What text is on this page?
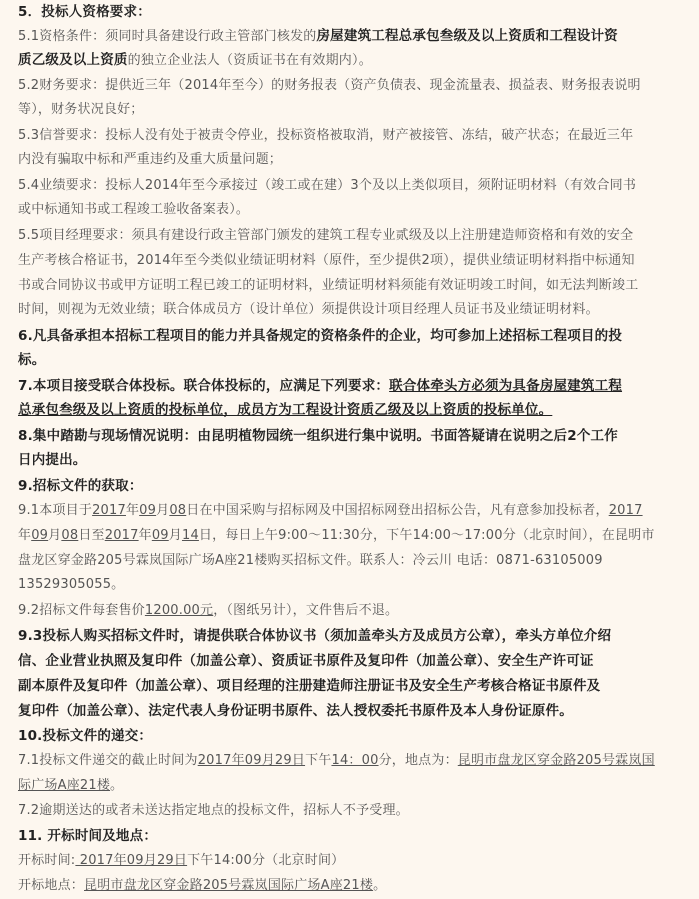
5．投标人资格要求：
5.1资格条件：须同时具备建设行政主管部门核发的房屋建筑工程总承包叁级及以上资质和工程设计资
质乙级及以上资质的独立企业法人（资质证书在有效期内）。
5.2财务要求：提供近三年（2014年至今）的财务报表（资产负债表、现金流量表、损益表、财务报表说明
等），财务状况良好；
5.3信誉要求：投标人没有处于被责令停业，投标资格被取消，财产被接管、冻结，破产状态；在最近三年
内没有骗取中标和严重违约及重大质量问题；
5.4业绩要求：投标人2014年至今承接过（竣工或在建）3个及以上类似项目，须附证明材料（有效合同书
或中标通知书或工程竣工验收备案表）。
5.5项目经理要求：须具有建设行政主管部门颁发的建筑工程专业贰级及以上注册建造师资格和有效的安全
生产考核合格证书，2014年至今类似业绩证明材料（原件，至少提供2项），提供业绩证明材料指中标通知
书或合同协议书或甲方证明工程已竣工的证明材料，业绩证明材料须能有效证明竣工时间，如无法判断竣工
时间，则视为无效业绩；联合体成员方（设计单位）须提供设计项目经理人员证书及业绩证明材料。
6.凡具备承担本招标工程项目的能力并具备规定的资格条件的企业，均可参加上述招标工程项目的投
标。
7.本项目接受联合体投标。联合体投标的，应满足下列要求：联合体牵头方必须为具备房屋建筑工程
总承包叁级及以上资质的投标单位，成员方为工程设计资质乙级及以上资质的投标单位。
8.集中踏勘与现场情况说明：由昆明植物园统一组织进行集中说明。书面答疑请在说明之后2个工作
日内提出。
9.招标文件的获取：
9.1本项目于2017年09月08日在中国采购与招标网及中国招标网登出招标公告，凡有意参加投标者，2017
年09月08日至2017年09月14日，每日上午9:00～11:30分，下午14:00～17:00分（北京时间），在昆明市
盘龙区穿金路205号霖岚国际广场A座21楼购买招标文件。联系人：冷云川 电话：0871-63105009
13529305055。
9.2招标文件每套售价1200.00元，（图纸另计），文件售后不退。
9.3投标人购买招标文件时，请提供联合体协议书（须加盖牵头方及成员方公章），牵头方单位介绍
信、企业营业执照及复印件（加盖公章）、资质证书原件及复印件（加盖公章）、安全生产许可证
副本原件及复印件（加盖公章）、项目经理的注册建造师注册证书及安全生产考核合格证书原件及
复印件（加盖公章）、法定代表人身份证明书原件、法人授权委托书原件及本人身份证原件。
10.投标文件的递交：
7.1投标文件递交的截止时间为2017年09月29日下午14：00分，地点为：昆明市盘龙区穿金路205号霖岚国
际广场A座21楼。
7.2逾期送达的或者未送达指定地点的投标文件，招标人不予受理。
11. 开标时间及地点：
开标时间: 2017年09月29日下午14:00分（北京时间）
开标地点：昆明市盘龙区穿金路205号霖岚国际广场A座21楼。
